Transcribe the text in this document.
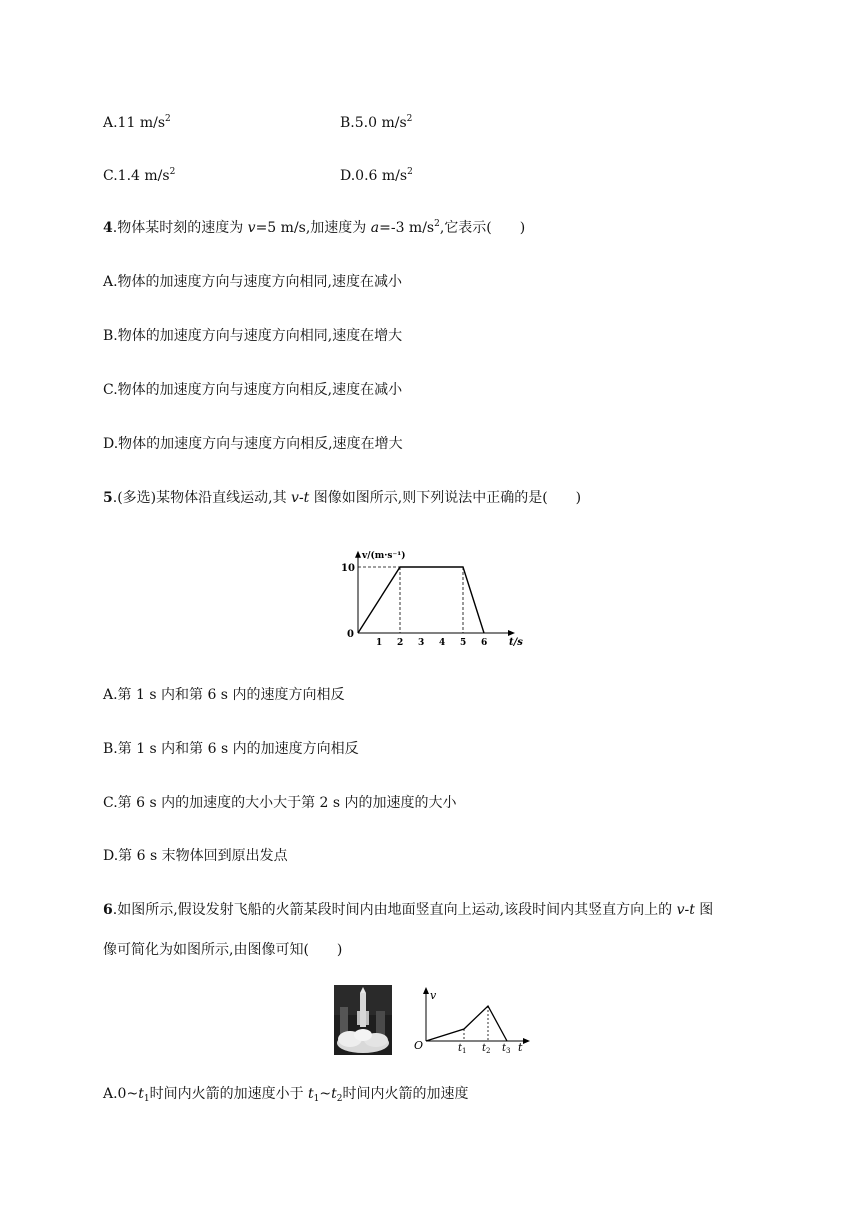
A.11 $m/s^2$	B.5.0 $m/s^2$
C.1.4 $m/s^2$	D.0.6 $m/s^2$
4.物体某时刻的速度为 v=5 m/s,加速度为 a=-3 $m/s^2$,它表示(　　)
A.物体的加速度方向与速度方向相同,速度在减小
B.物体的加速度方向与速度方向相同,速度在增大
C.物体的加速度方向与速度方向相反,速度在减小
D.物体的加速度方向与速度方向相反,速度在增大
5.(多选)某物体沿直线运动,其 v-t 图像如图所示,则下列说法中正确的是(　　)
v/(m·s⁻¹)
t/s
0
1 2 3 4 5 6
10
A.第 1 s 内和第 6 s 内的速度方向相反
B.第 1 s 内和第 6 s 内的加速度方向相反
C.第 6 s 内的加速度的大小大于第 2 s 内的加速度的大小
D.第 6 s 末物体回到原出发点
6.如图所示,假设发射飞船的火箭某段时间内由地面竖直向上运动,该段时间内其竖直方向上的 v-t 图
像可简化为如图所示,由图像可知(　　)
v
O	$t_1$ $t_2$ $t_3$ t
$A.0\sim t_1$时间内火箭的加速度小于 $t_1\sim t_2$时间内火箭的加速度
